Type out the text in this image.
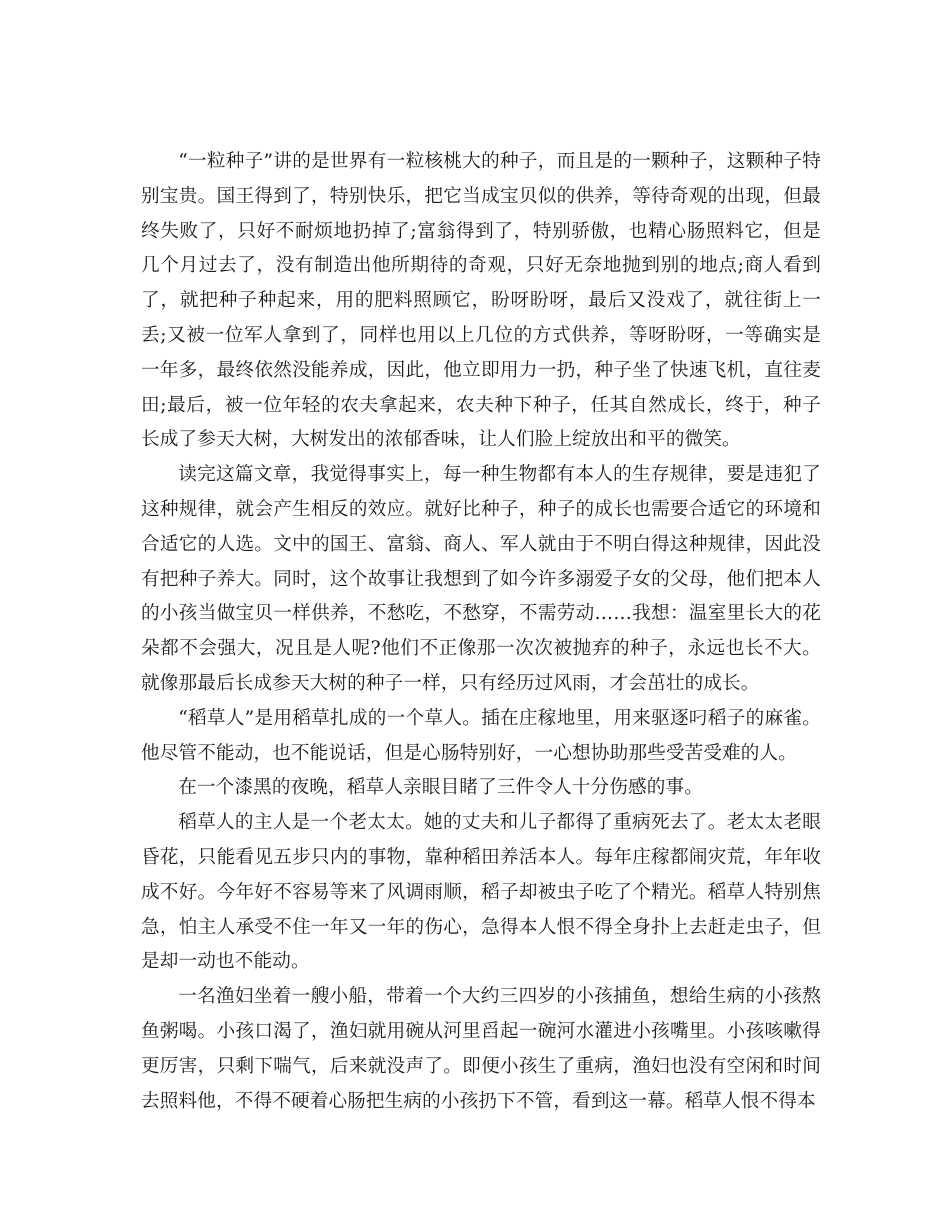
“一粒种子”讲的是世界有一粒核桃大的种子，而且是的一颗种子，这颗种子特别宝贵。国王得到了，特别快乐，把它当成宝贝似的供养，等待奇观的出现，但最终失败了，只好不耐烦地扔掉了;富翁得到了，特别骄傲，也精心肠照料它，但是几个月过去了，没有制造出他所期待的奇观，只好无奈地抛到别的地点;商人看到了，就把种子种起来，用的肥料照顾它，盼呀盼呀，最后又没戏了，就往街上一丢;又被一位军人拿到了，同样也用以上几位的方式供养，等呀盼呀，一等确实是一年多，最终依然没能养成，因此，他立即用力一扔，种子坐了快速飞机，直往麦田;最后，被一位年轻的农夫拿起来，农夫种下种子，任其自然成长，终于，种子长成了参天大树，大树发出的浓郁香味，让人们脸上绽放出和平的微笑。

读完这篇文章，我觉得事实上，每一种生物都有本人的生存规律，要是违犯了这种规律，就会产生相反的效应。就好比种子，种子的成长也需要合适它的环境和合适它的人选。文中的国王、富翁、商人、军人就由于不明白得这种规律，因此没有把种子养大。同时，这个故事让我想到了如今许多溺爱子女的父母，他们把本人的小孩当做宝贝一样供养，不愁吃，不愁穿，不需劳动……我想：温室里长大的花朵都不会强大，况且是人呢?他们不正像那一次次被抛弃的种子，永远也长不大。就像那最后长成参天大树的种子一样，只有经历过风雨，才会茁壮的成长。

“稻草人”是用稻草扎成的一个草人。插在庄稼地里，用来驱逐叼稻子的麻雀。他尽管不能动，也不能说话，但是心肠特别好，一心想协助那些受苦受难的人。

在一个漆黑的夜晚，稻草人亲眼目睹了三件令人十分伤感的事。

稻草人的主人是一个老太太。她的丈夫和儿子都得了重病死去了。老太太老眼昏花，只能看见五步只内的事物，靠种稻田养活本人。每年庄稼都闹灾荒，年年收成不好。今年好不容易等来了风调雨顺，稻子却被虫子吃了个精光。稻草人特别焦急，怕主人承受不住一年又一年的伤心，急得本人恨不得全身扑上去赶走虫子，但是却一动也不能动。

一名渔妇坐着一艘小船，带着一个大约三四岁的小孩捕鱼，想给生病的小孩熬鱼粥喝。小孩口渴了，渔妇就用碗从河里舀起一碗河水灌进小孩嘴里。小孩咳嗽得更厉害，只剩下喘气，后来就没声了。即便小孩生了重病，渔妇也没有空闲和时间去照料他，不得不硬着心肠把生病的小孩扔下不管，看到这一幕。稻草人恨不得本
